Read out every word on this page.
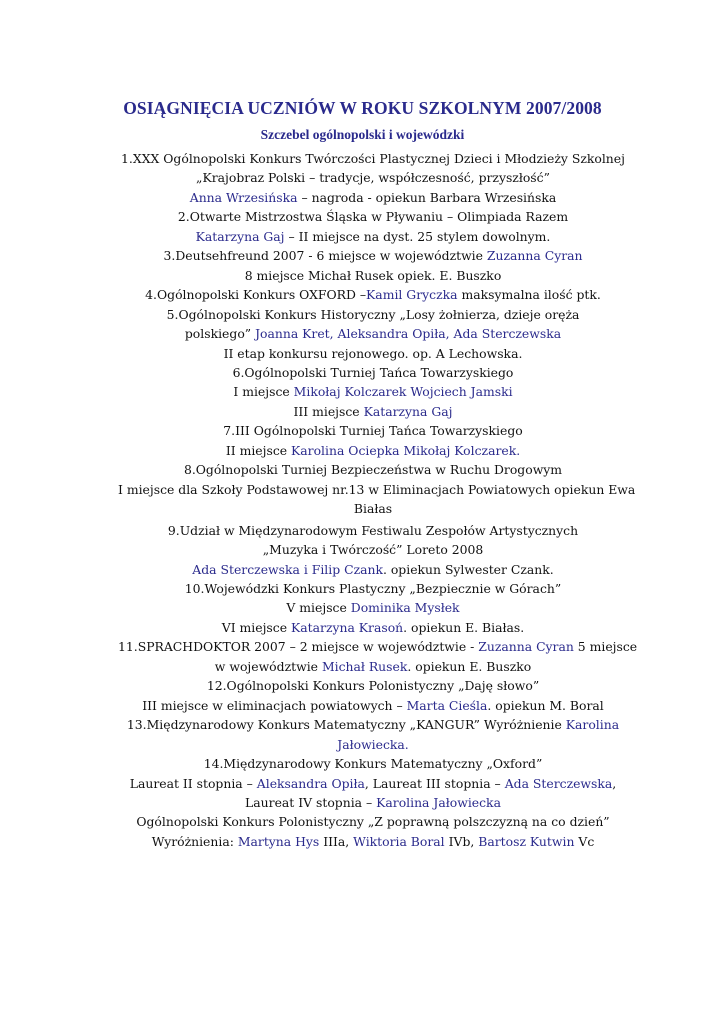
OSIĄGNIĘCIA UCZNIÓW W ROKU SZKOLNYM 2007/2008
Szczebel ogólnopolski i wojewódzki
1.XXX Ogólnopolski Konkurs Twórczości Plastycznej Dzieci i Młodzieży Szkolnej
„Krajobraz Polski – tradycje, współczesność, przyszłość”
Anna Wrzesińska – nagroda - opiekun Barbara Wrzesińska
2.Otwarte Mistrzostwa Śląska w Pływaniu – Olimpiada Razem
Katarzyna Gaj – II miejsce na dyst. 25 stylem dowolnym.
3.Deutsehfreund 2007 - 6 miejsce w województwie Zuzanna Cyran
8 miejsce Michał Rusek opiek. E. Buszko
4.Ogólnopolski Konkurs OXFORD –Kamil Gryczka maksymalna ilość ptk.
5.Ogólnopolski Konkurs Historyczny „Losy żołnierza, dzieje oręża
polskiego” Joanna Kret, Aleksandra Opiła, Ada Sterczewska
II etap konkursu rejonowego. op. A Lechowska.
6.Ogólnopolski Turniej Tańca Towarzyskiego
I miejsce Mikołaj Kolczarek Wojciech Jamski
III miejsce Katarzyna Gaj
7.III Ogólnopolski Turniej Tańca Towarzyskiego
II miejsce Karolina Ociepka Mikołaj Kolczarek.
8.Ogólnopolski Turniej Bezpieczeństwa w Ruchu Drogowym
I miejsce dla Szkoły Podstawowej nr.13 w Eliminacjach Powiatowych opiekun Ewa
Białas
9.Udział w Międzynarodowym Festiwalu Zespołów Artystycznych
„Muzyka i Twórczość” Loreto 2008
Ada Sterczewska i Filip Czank. opiekun Sylwester Czank.
10.Wojewódzki Konkurs Plastyczny „Bezpiecznie w Górach”
V miejsce Dominika Mysłek
VI miejsce Katarzyna Krasoń. opiekun E. Białas.
11.SPRACHDOKTOR 2007 – 2 miejsce w województwie - Zuzanna Cyran 5 miejsce
w województwie Michał Rusek. opiekun E. Buszko
12.Ogólnopolski Konkurs Polonistyczny „Daję słowo”
III miejsce w eliminacjach powiatowych – Marta Cieśla. opiekun M. Boral
13.Międzynarodowy Konkurs Matematyczny „KANGUR” Wyróżnienie Karolina
Jałowiecka.
14.Międzynarodowy Konkurs Matematyczny „Oxford”
Laureat II stopnia – Aleksandra Opiła, Laureat III stopnia – Ada Sterczewska,
Laureat IV stopnia – Karolina Jałowiecka
Ogólnopolski Konkurs Polonistyczny „Z poprawną polszczyzną na co dzień”
Wyróżnienia: Martyna Hys IIIa, Wiktoria Boral IVb, Bartosz Kutwin Vc
